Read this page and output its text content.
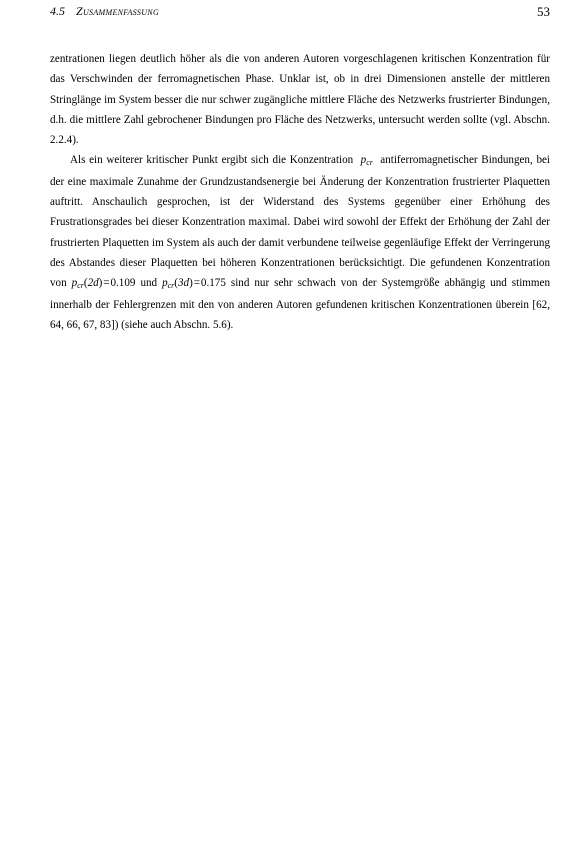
4.5 Zusammenfassung	53

zentrationen liegen deutlich höher als die von anderen Autoren vorgeschlagenen kritischen Konzentration für das Verschwinden der ferromagnetischen Phase. Unklar ist, ob in drei Dimensionen anstelle der mittleren Stringlänge im System besser die nur schwer zugängliche mittlere Fläche des Netzwerks frustrierter Bindungen, d.h. die mittlere Zahl gebrochener Bindungen pro Fläche des Netzwerks, untersucht werden sollte (vgl. Abschn. 2.2.4).

Als ein weiterer kritischer Punkt ergibt sich die Konzentration pcr antiferromagnetischer Bindungen, bei der eine maximale Zunahme der Grundzustandsenergie bei Änderung der Konzentration frustrierter Plaquetten auftritt. Anschaulich gesprochen, ist der Widerstand des Systems gegenüber einer Erhöhung des Frustrationsgrades bei dieser Konzentration maximal. Dabei wird sowohl der Effekt der Erhöhung der Zahl der frustrierten Plaquetten im System als auch der damit verbundene teilweise gegenläufige Effekt der Verringerung des Abstandes dieser Plaquetten bei höheren Konzentrationen berücksichtigt. Die gefundenen Konzentration von pcr(2d) = 0.109 und pcr(3d) = 0.175 sind nur sehr schwach von der Systemgröße abhängig und stimmen innerhalb der Fehlergrenzen mit den von anderen Autoren gefundenen kritischen Konzentrationen überein [62, 64, 66, 67, 83]) (siehe auch Abschn. 5.6).
